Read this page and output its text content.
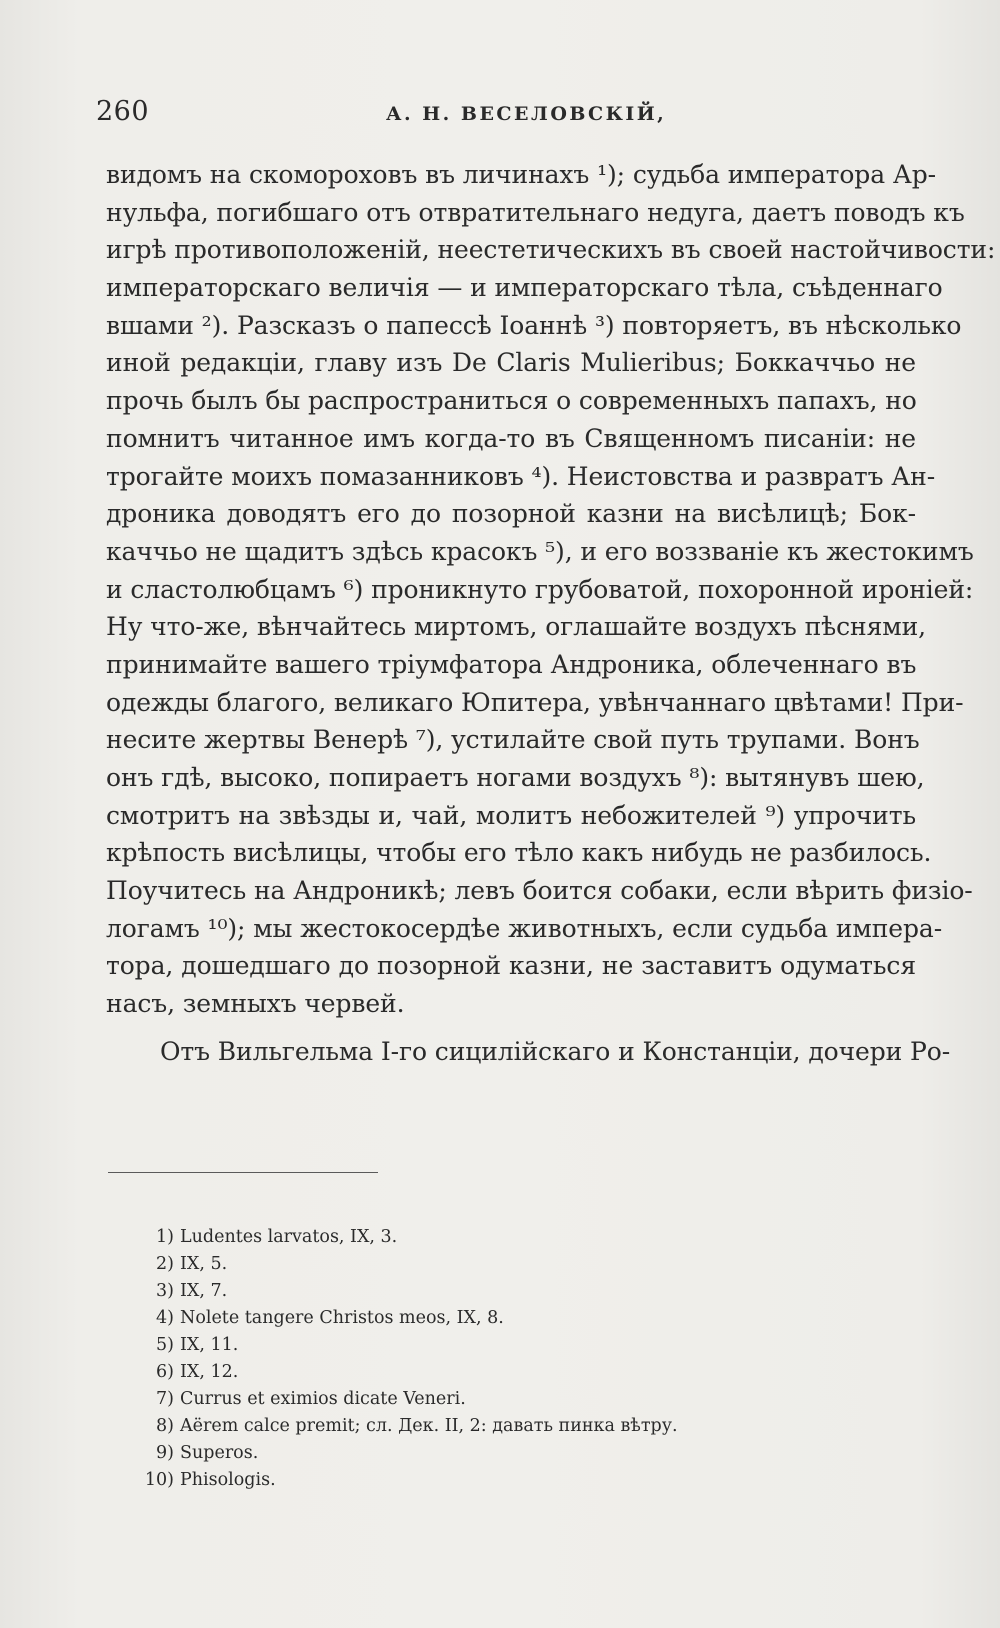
260	А. Н. ВЕСЕЛОВСКІЙ,
видомъ на скомороховъ въ личинахъ ¹); судьба императора Ар-
нульфа, погибшаго отъ отвратительнаго недуга, даетъ поводъ къ
игрѣ противоположеній, неестетическихъ въ своей настойчивости:
императорскаго величія — и императорскаго тѣла, съѣденнаго
вшами ²). Разсказъ о папессѣ Іоаннѣ ³) повторяетъ, въ нѣсколько
иной редакціи, главу изъ De Claris Mulieribus; Боккаччьо не
прочь былъ бы распространиться о современныхъ папахъ, но
помнитъ читанное имъ когда-то въ Священномъ писаніи: не
трогайте моихъ помазанниковъ ⁴). Неистовства и развратъ Ан-
дроника доводятъ его до позорной казни на висѣлицѣ; Бок-
каччьо не щадитъ здѣсь красокъ ⁵), и его воззваніе къ жестокимъ
и сластолюбцамъ ⁶) проникнуто грубоватой, похоронной ироніей:
Ну что-же, вѣнчайтесь миртомъ, оглашайте воздухъ пѣснями,
принимайте вашего тріумфатора Андроника, облеченнаго въ
одежды благого, великаго Юпитера, увѣнчаннаго цвѣтами! При-
несите жертвы Венерѣ ⁷), устилайте свой путь трупами. Вонъ
онъ гдѣ, высоко, попираетъ ногами воздухъ ⁸): вытянувъ шею,
смотритъ на звѣзды и, чай, молитъ небожителей ⁹) упрочить
крѣпость висѣлицы, чтобы его тѣло какъ нибудь не разбилось.
Поучитесь на Андроникѣ; левъ боится собаки, если вѣрить физіо-
логамъ ¹⁰); мы жестокосердѣе животныхъ, если судьба импера-
тора, дошедшаго до позорной казни, не заставитъ одуматься
насъ, земныхъ червей.
Отъ Вильгельма I-го сицилійскаго и Констанціи, дочери Ро-
1) Ludentes larvatos, IX, 3.
2) IX, 5.
3) IX, 7.
4) Nolete tangere Christos meos, IX, 8.
5) IX, 11.
6) IX, 12.
7) Currus et eximios dicate Veneri.
8) Aërem calce premit; сл. Дек. II, 2: давать пинка вѣтру.
9) Superos.
10) Phisologis.
